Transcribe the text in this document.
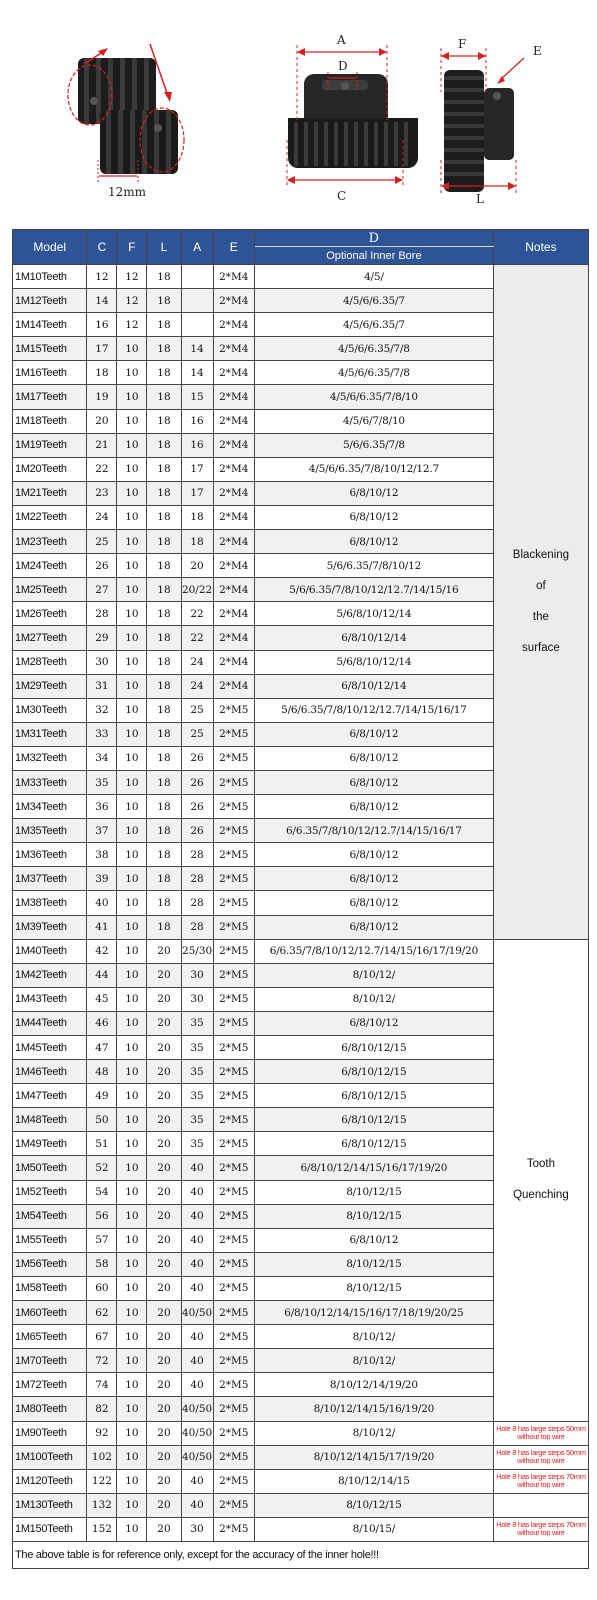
12mm
A
D
C
F	E
L
Model	C	F	L	A	E	D	Notes
						Optional Inner Bore	
1M10Teeth	12	12	18		2*M4	4/5/	Blackening
of
the
surface

1M12Teeth	14	12	18		2*M4	4/5/6/6.35/7	
1M14Teeth	16	12	18		2*M4	4/5/6/6.35/7	
1M15Teeth	17	10	18	14	2*M4	4/5/6/6.35/7/8	
1M16Teeth	18	10	18	14	2*M4	4/5/6/6.35/7/8	
1M17Teeth	19	10	18	15	2*M4	4/5/6/6.35/7/8/10	
1M18Teeth	20	10	18	16	2*M4	4/5/6/7/8/10	
1M19Teeth	21	10	18	16	2*M4	5/6/6.35/7/8	
1M20Teeth	22	10	18	17	2*M4	4/5/6/6.35/7/8/10/12/12.7	
1M21Teeth	23	10	18	17	2*M4	6/8/10/12	
1M22Teeth	24	10	18	18	2*M4	6/8/10/12	
1M23Teeth	25	10	18	18	2*M4	6/8/10/12	
1M24Teeth	26	10	18	20	2*M4	5/6/6.35/7/8/10/12	
1M25Teeth	27	10	18	20/22	2*M4	5/6/6.35/7/8/10/12/12.7/14/15/16	
1M26Teeth	28	10	18	22	2*M4	5/6/8/10/12/14	
1M27Teeth	29	10	18	22	2*M4	6/8/10/12/14	
1M28Teeth	30	10	18	24	2*M4	5/6/8/10/12/14	
1M29Teeth	31	10	18	24	2*M4	6/8/10/12/14	
1M30Teeth	32	10	18	25	2*M5	5/6/6.35/7/8/10/12/12.7/14/15/16/17	
1M31Teeth	33	10	18	25	2*M5	6/8/10/12	
1M32Teeth	34	10	18	26	2*M5	6/8/10/12	
1M33Teeth	35	10	18	26	2*M5	6/8/10/12	
1M34Teeth	36	10	18	26	2*M5	6/8/10/12	
1M35Teeth	37	10	18	26	2*M5	6/6.35/7/8/10/12/12.7/14/15/16/17	
1M36Teeth	38	10	18	28	2*M5	6/8/10/12	
1M37Teeth	39	10	18	28	2*M5	6/8/10/12	
1M38Teeth	40	10	18	28	2*M5	6/8/10/12	
1M39Teeth	41	10	18	28	2*M5	6/8/10/12	
1M40Teeth	42	10	20	25/30	2*M5	6/6.35/7/8/10/12/12.7/14/15/16/17/19/20	Tooth
Quenching

1M42Teeth	44	10	20	30	2*M5	8/10/12/	
1M43Teeth	45	10	20	30	2*M5	8/10/12/	
1M44Teeth	46	10	20	35	2*M5	6/8/10/12	
1M45Teeth	47	10	20	35	2*M5	6/8/10/12/15	
1M46Teeth	48	10	20	35	2*M5	6/8/10/12/15	
1M47Teeth	49	10	20	35	2*M5	6/8/10/12/15	
1M48Teeth	50	10	20	35	2*M5	6/8/10/12/15	
1M49Teeth	51	10	20	35	2*M5	6/8/10/12/15	
1M50Teeth	52	10	20	40	2*M5	6/8/10/12/14/15/16/17/19/20	
1M52Teeth	54	10	20	40	2*M5	8/10/12/15	
1M54Teeth	56	10	20	40	2*M5	8/10/12/15	
1M55Teeth	57	10	20	40	2*M5	6/8/10/12	
1M56Teeth	58	10	20	40	2*M5	8/10/12/15	
1M58Teeth	60	10	20	40	2*M5	8/10/12/15	
1M60Teeth	62	10	20	40/50	2*M5	6/8/10/12/14/15/16/17/18/19/20/25	
1M65Teeth	67	10	20	40	2*M5	8/10/12/	
1M70Teeth	72	10	20	40	2*M5	8/10/12/	
1M72Teeth	74	10	20	40	2*M5	8/10/12/14/19/20	
1M80Teeth	82	10	20	40/50	2*M5	8/10/12/14/15/16/19/20	
1M90Teeth	92	10	20	40/50	2*M5	8/10/12/	Hole 8 has large steps 50mm without top wire
1M100Teeth	102	10	20	40/50	2*M5	8/10/12/14/15/17/19/20	Hole 8 has large steps 50mm without top wire
1M120Teeth	122	10	20	40	2*M5	8/10/12/14/15	Hole 8 has large steps 70mm without top wire
1M130Teeth	132	10	20	40	2*M5	8/10/12/15	
1M150Teeth	152	10	20	30	2*M5	8/10/15/	Hole 8 has large steps 70mm without top wire
The above table is for reference only, except for the accuracy of the inner hole!!!							
